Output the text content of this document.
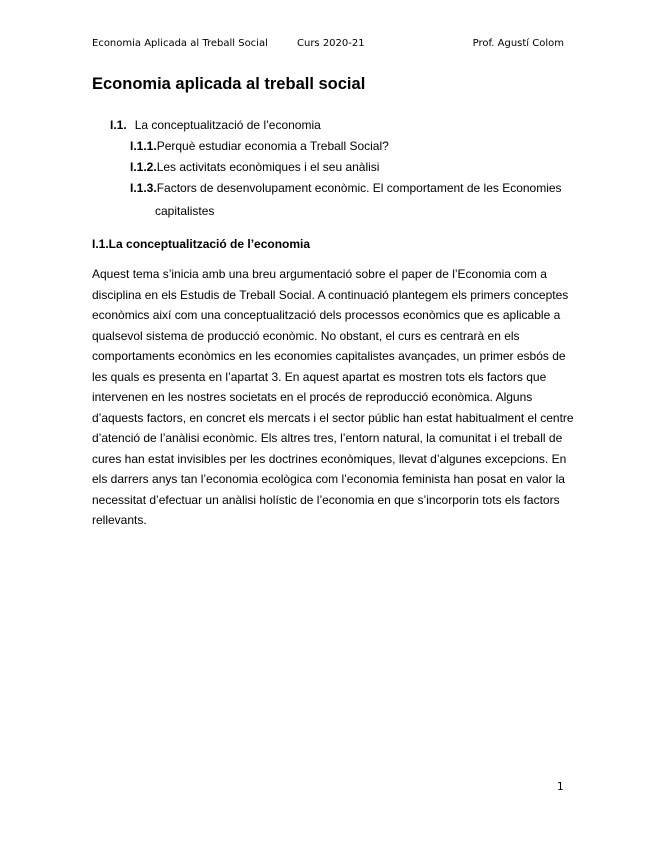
Economia Aplicada al Treball Social	Curs 2020-21	Prof. Agustí Colom
Economia aplicada al treball social
I.1. La conceptualització de l’economia
I.1.1.Perquè estudiar economia a Treball Social?
I.1.2.Les activitats econòmiques i el seu anàlisi
I.1.3.Factors de desenvolupament econòmic. El comportament de les Economies
capitalistes
I.1.La conceptualització de l’economia
Aquest tema s’inicia amb una breu argumentació sobre el paper de l’Economia com a
disciplina en els Estudis de Treball Social. A continuació plantegem els primers conceptes
econòmics així com una conceptualització dels processos econòmics que es aplicable a
qualsevol sistema de producció econòmic. No obstant, el curs es centrarà en els
comportaments econòmics en les economies capitalistes avançades, un primer esbós de
les quals es presenta en l’apartat 3. En aquest apartat es mostren tots els factors que
intervenen en les nostres societats en el procés de reproducció econòmica. Alguns
d’aquests factors, en concret els mercats i el sector públic han estat habitualment el centre
d’atenció de l’anàlisi econòmic. Els altres tres, l’entorn natural, la comunitat i el treball de
cures han estat invisibles per les doctrines econòmiques, llevat d’algunes excepcions. En
els darrers anys tan l’economia ecològica com l’economia feminista han posat en valor la
necessitat d’efectuar un anàlisi holístic de l’economia en que s’incorporin tots els factors
rellevants.
1
